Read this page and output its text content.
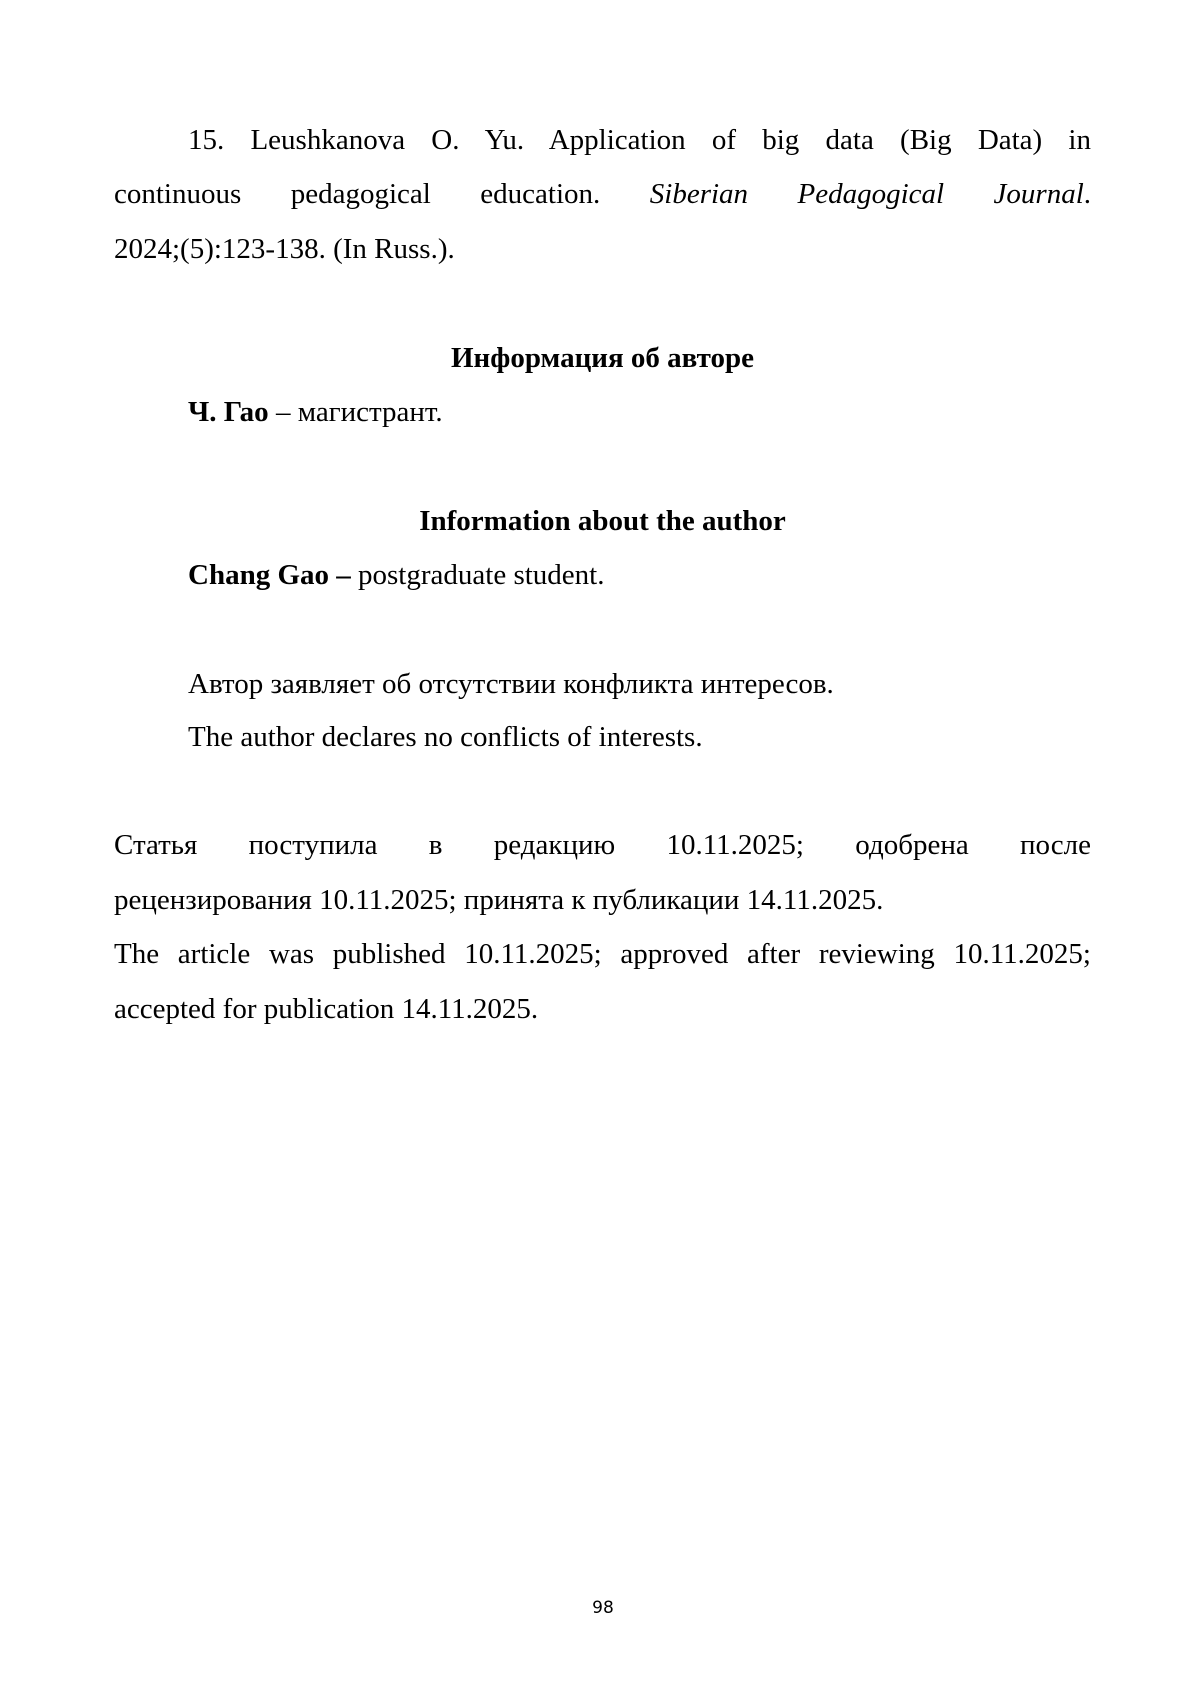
15. Leushkanova O. Yu. Application of big data (Big Data) in
continuous pedagogical education. Siberian Pedagogical Journal.
2024;(5):123-138. (In Russ.).
Информация об авторе
Ч. Гао – магистрант.
Information about the author
Chang Gao – postgraduate student.
Автор заявляет об отсутствии конфликта интересов.
The author declares no conflicts of interests.
Статья поступила в редакцию 10.11.2025; одобрена после
рецензирования 10.11.2025; принята к публикации 14.11.2025.
The article was published 10.11.2025; approved after reviewing 10.11.2025;
accepted for publication 14.11.2025.
98
